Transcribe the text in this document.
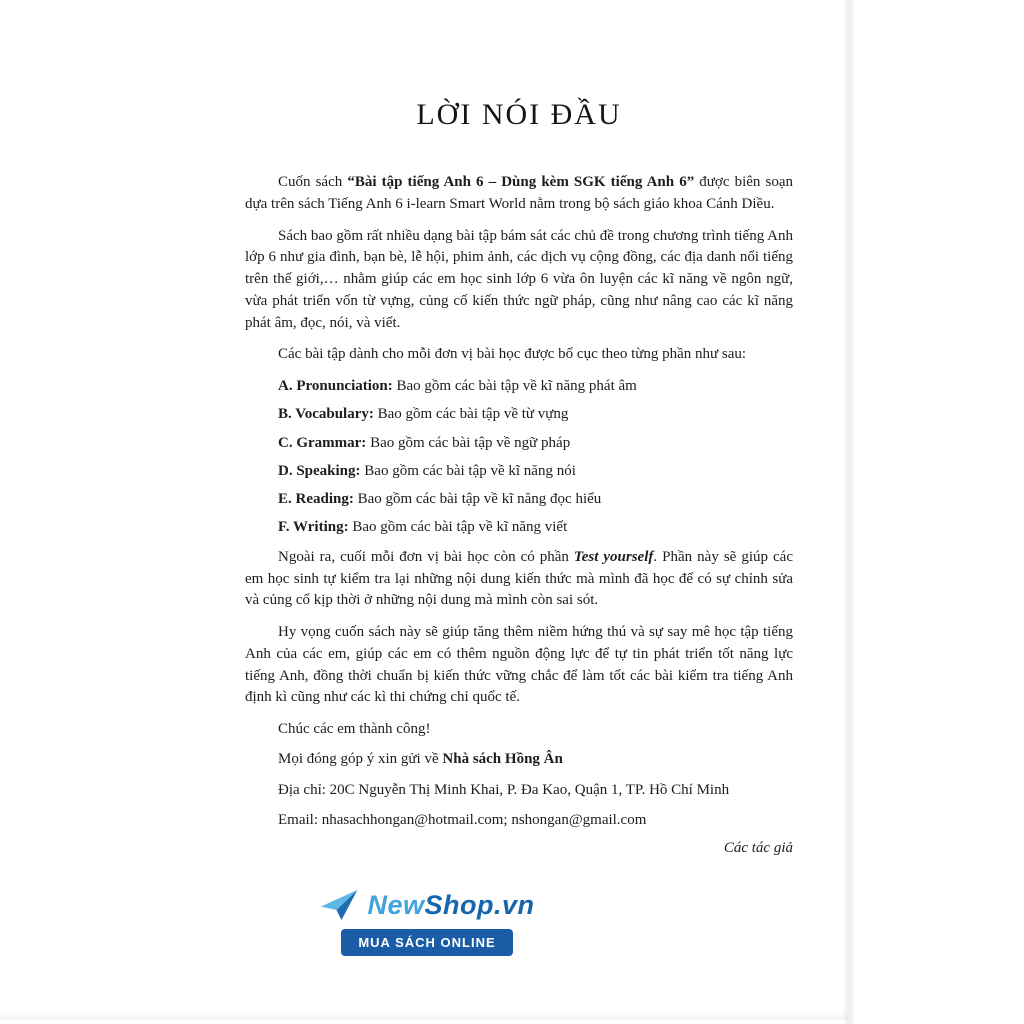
LỜI NÓI ĐẦU

Cuốn sách “Bài tập tiếng Anh 6 – Dùng kèm SGK tiếng Anh 6” được biên soạn dựa trên sách Tiếng Anh 6 i-learn Smart World nằm trong bộ sách giáo khoa Cánh Diều.

Sách bao gồm rất nhiều dạng bài tập bám sát các chủ đề trong chương trình tiếng Anh lớp 6 như gia đình, bạn bè, lễ hội, phim ảnh, các dịch vụ cộng đồng, các địa danh nổi tiếng trên thế giới,… nhằm giúp các em học sinh lớp 6 vừa ôn luyện các kĩ năng về ngôn ngữ, vừa phát triển vốn từ vựng, củng cố kiến thức ngữ pháp, cũng như nâng cao các kĩ năng phát âm, đọc, nói, và viết.

Các bài tập dành cho mỗi đơn vị bài học được bố cục theo từng phần như sau:

A. Pronunciation: Bao gồm các bài tập về kĩ năng phát âm

B. Vocabulary: Bao gồm các bài tập về từ vựng

C. Grammar: Bao gồm các bài tập về ngữ pháp

D. Speaking: Bao gồm các bài tập về kĩ năng nói

E. Reading: Bao gồm các bài tập về kĩ năng đọc hiểu

F. Writing: Bao gồm các bài tập về kĩ năng viết

Ngoài ra, cuối mỗi đơn vị bài học còn có phần Test yourself. Phần này sẽ giúp các em học sinh tự kiểm tra lại những nội dung kiến thức mà mình đã học để có sự chỉnh sửa và củng cố kịp thời ở những nội dung mà mình còn sai sót.

Hy vọng cuốn sách này sẽ giúp tăng thêm niềm hứng thú và sự say mê học tập tiếng Anh của các em, giúp các em có thêm nguồn động lực để tự tin phát triển tốt năng lực tiếng Anh, đồng thời chuẩn bị kiến thức vững chắc để làm tốt các bài kiểm tra tiếng Anh định kì cũng như các kì thi chứng chỉ quốc tế.

Chúc các em thành công!

Mọi đóng góp ý xin gửi về Nhà sách Hồng Ân

Địa chỉ: 20C Nguyễn Thị Minh Khai, P. Đa Kao, Quận 1, TP. Hồ Chí Minh

Email: nhasachhongan@hotmail.com; nshongan@gmail.com

Các tác giả

NewShop.vn
MUA SÁCH ONLINE
